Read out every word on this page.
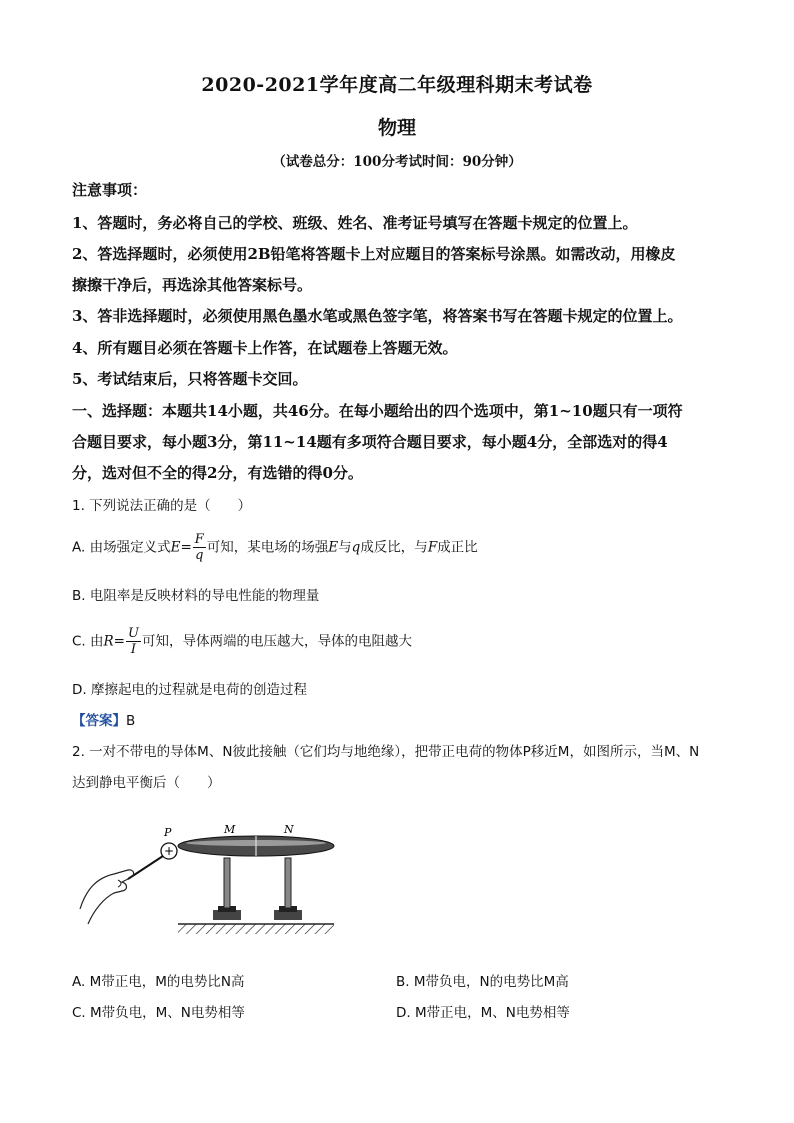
2020-2021学年度高二年级理科期末考试卷
物理
（试卷总分：100分考试时间：90分钟）
注意事项：
1、答题时，务必将自己的学校、班级、姓名、准考证号填写在答题卡规定的位置上。
2、答选择题时，必须使用2B铅笔将答题卡上对应题目的答案标号涂黑。如需改动，用橡皮
擦擦干净后，再选涂其他答案标号。
3、答非选择题时，必须使用黑色墨水笔或黑色签字笔，将答案书写在答题卡规定的位置上。
4、所有题目必须在答题卡上作答，在试题卷上答题无效。
5、考试结束后，只将答题卡交回。
一、选择题：本题共14小题，共46分。在每小题给出的四个选项中，第1~10题只有一项符
合题目要求，每小题3分，第11~14题有多项符合题目要求，每小题4分，全部选对的得4
分，选对但不全的得2分，有选错的得0分。
1. 下列说法正确的是（　　）
A. 由场强定义式$E= \frac{F}{q}$ 可知，某电场的场强E与q成反比，与F成正比
B. 电阻率是反映材料的导电性能的物理量
C. 由$R= \frac{U}{I}$ 可知，导体两端的电压越大，导体的电阻越大
D. 摩擦起电的过程就是电荷的创造过程
【答案】B
2. 一对不带电的导体M、N彼此接触（它们均与地绝缘），把带正电荷的物体P移近M，如图所示，当M、N
达到静电平衡后（　　）
M	N
P
+
A. M带正电，M的电势比N高	B. M带负电，N的电势比M高
C. M带负电，M、N电势相等	D. M带正电，M、N电势相等
